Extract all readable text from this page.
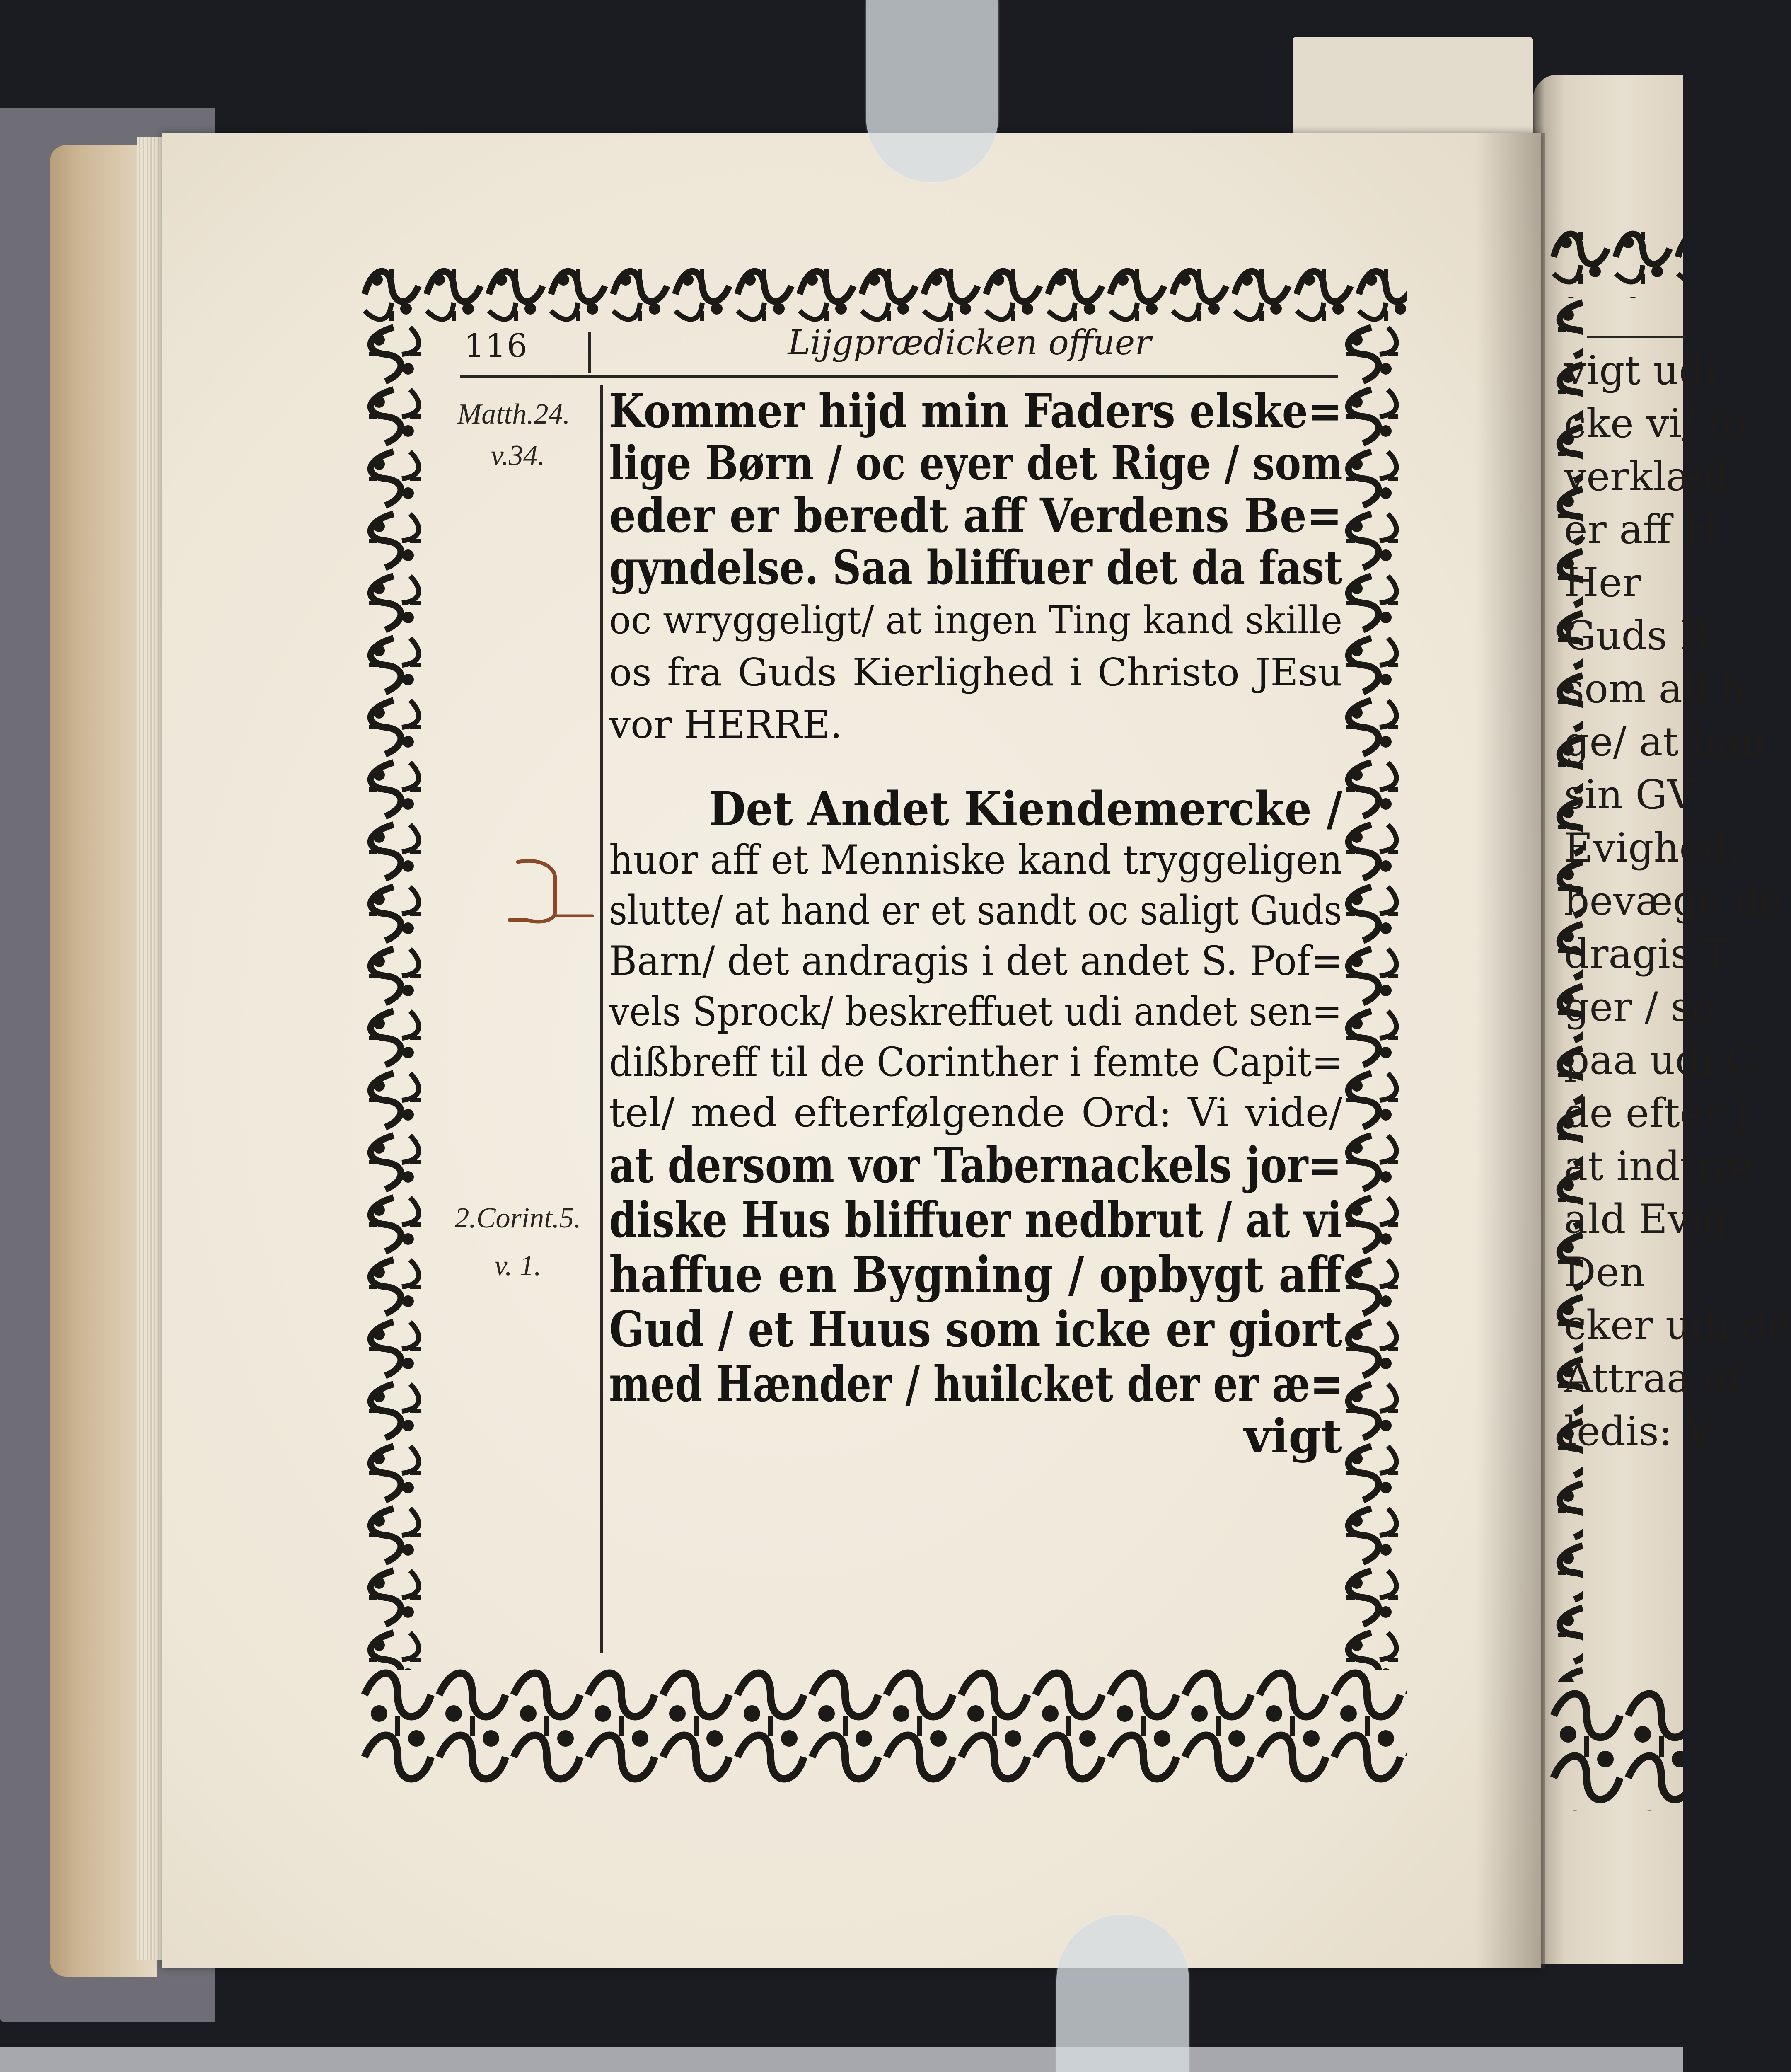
116	Lijgprædicken offuer
Matth.24.
v.34.
2.Corint.5.
v. 1.

Kommer hijd min Faders elske=

lige Børn / oc eyer det Rige / som

eder er beredt aff Verdens Be=

gyndelse. Saa bliffuer det da fast

oc wryggeligt/ at ingen Ting kand skille

os fra Guds Kierlighed i Christo JEsu

vor HERRE.

Det Andet Kiendemercke /

huor aff et Menniske kand tryggeligen

slutte/ at hand er et sandt oc saligt Guds

Barn/ det andragis i det andet S. Pof=

vels Sprock/ beskreffuet udi andet sen=

dißbreff til de Corinther i femte Capit=

tel/ med efterfølgende Ord: Vi vide/

at dersom vor Tabernackels jor=

diske Hus bliffuer nedbrut / at vi

haffue en Bygning / opbygt aff

Gud / et Huus som icke er giort

med Hænder / huilcket der er æ=

vigt

vigt udi
cke vi/ fo
verklæd
er aff H
Her
Guds B
som all h
ge/ at han
sin GV
Evighed.
bevæge de
dragis T
ger / so
paa udi C
de efter J
at indtræ
ald Evig
Den
cker udi de
Attraa ef
ledis: V
